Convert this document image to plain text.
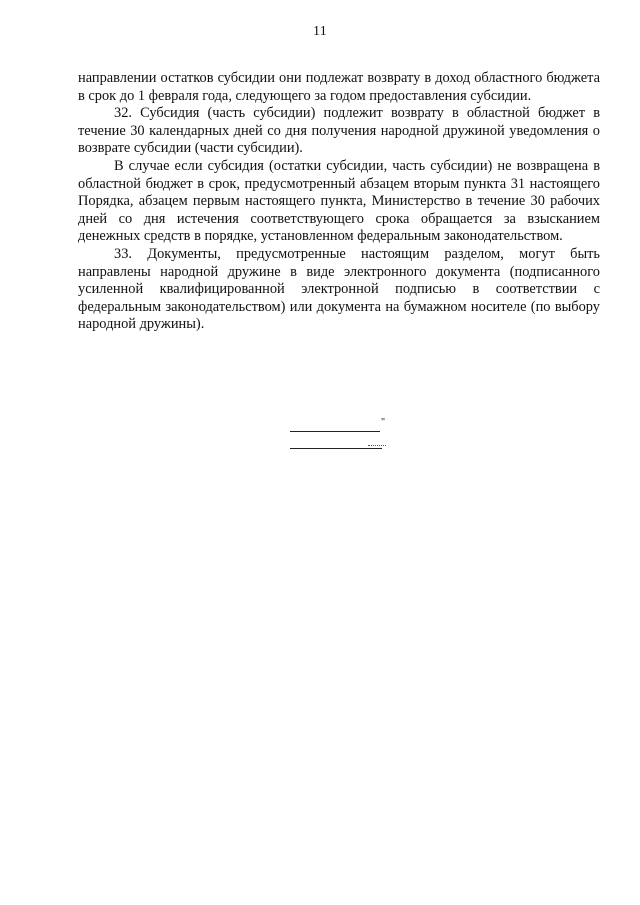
11

направлении остатков субсидии они подлежат возврату в доход областного бюджета в срок до 1 февраля года, следующего за годом предоставления субсидии.

32. Субсидия (часть субсидии) подлежит возврату в областной бюджет в течение 30 календарных дней со дня получения народной дружиной уведомления о возврате субсидии (части субсидии).

В случае если субсидия (остатки субсидии, часть субсидии) не возвращена в областной бюджет в срок, предусмотренный абзацем вторым пункта 31 настоящего Порядка, абзацем первым настоящего пункта, Министерство в течение 30 рабочих дней со дня истечения соответствующего срока обращается за взысканием денежных средств в порядке, установленном федеральным законодательством.

33. Документы, предусмотренные настоящим разделом, могут быть направлены народной дружине в виде электронного документа (подписанного усиленной квалифицированной электронной подписью в соответствии с федеральным законодательством) или документа на бумажном носителе (по выбору народной дружины).

"
